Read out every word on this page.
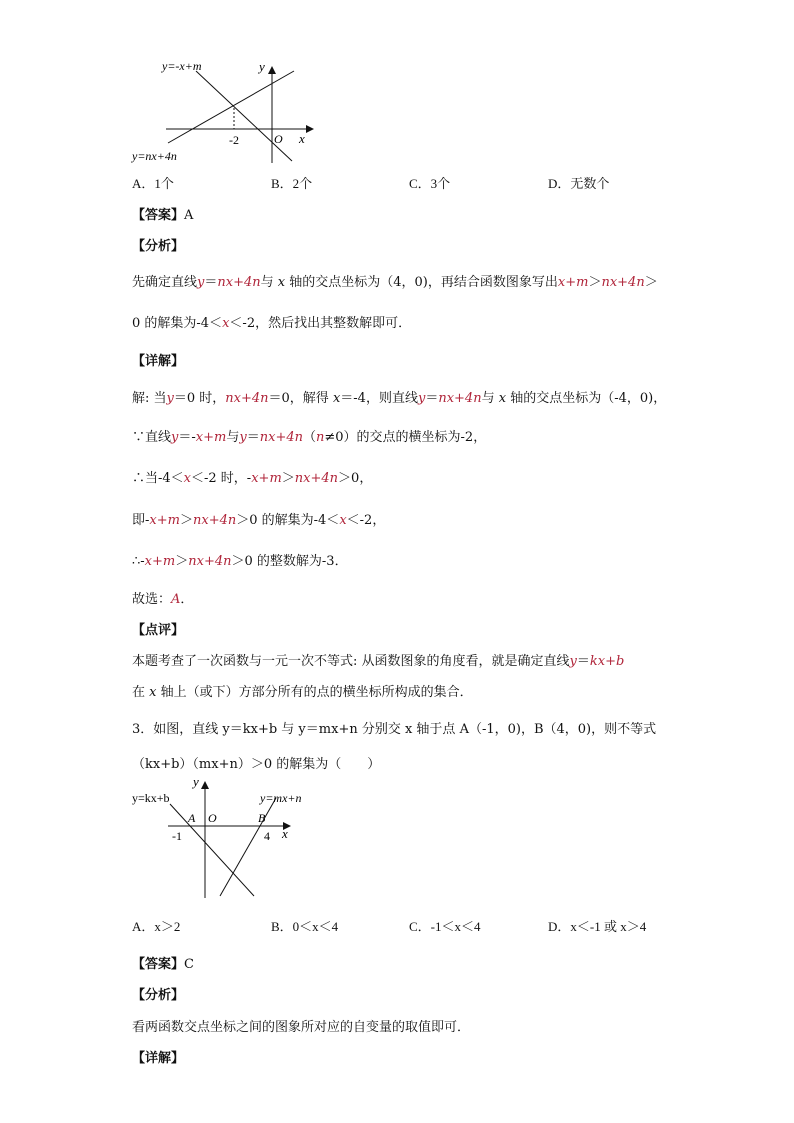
y=-x+m
y=nx+4n
y
x
O
-2
A．1个	B．2个	C．3个	D．无数个
【答案】A
【分析】
先确定直线y＝nx+4n与 x 轴的交点坐标为（4，0)，再结合函数图象写出x+m＞nx+4n＞
0 的解集为-4＜x＜-2，然后找出其整数解即可．
【详解】
解: 当y＝0 时，nx+4n＝0，解得 x＝-4，则直线y＝nx+4n与 x 轴的交点坐标为（-4，0)，
∵直线y＝-x+m与y＝nx+4n（n≠0）的交点的横坐标为-2，
∴当-4＜x＜-2 时，-x+m＞nx+4n＞0，
即-x+m＞nx+4n＞0 的解集为-4＜x＜-2，
∴-x+m＞nx+4n＞0 的整数解为-3．
故选：A．
【点评】
本题考查了一次函数与一元一次不等式: 从函数图象的角度看，就是确定直线y＝kx+b
在 x 轴上（或下）方部分所有的点的横坐标所构成的集合．
3．如图，直线 y＝kx+b 与 y＝mx+n 分别交 x 轴于点 A（-1，0)，B（4，0)，则不等式
（kx+b）（mx+n）＞0 的解集为（　　）
y=kx+b	y=mx+n
y
x
A O	B
-1	4
A．x＞2	B．0＜x＜4	C．-1＜x＜4	D．x＜-1 或 x＞4
【答案】C
【分析】
看两函数交点坐标之间的图象所对应的自变量的取值即可．
【详解】
